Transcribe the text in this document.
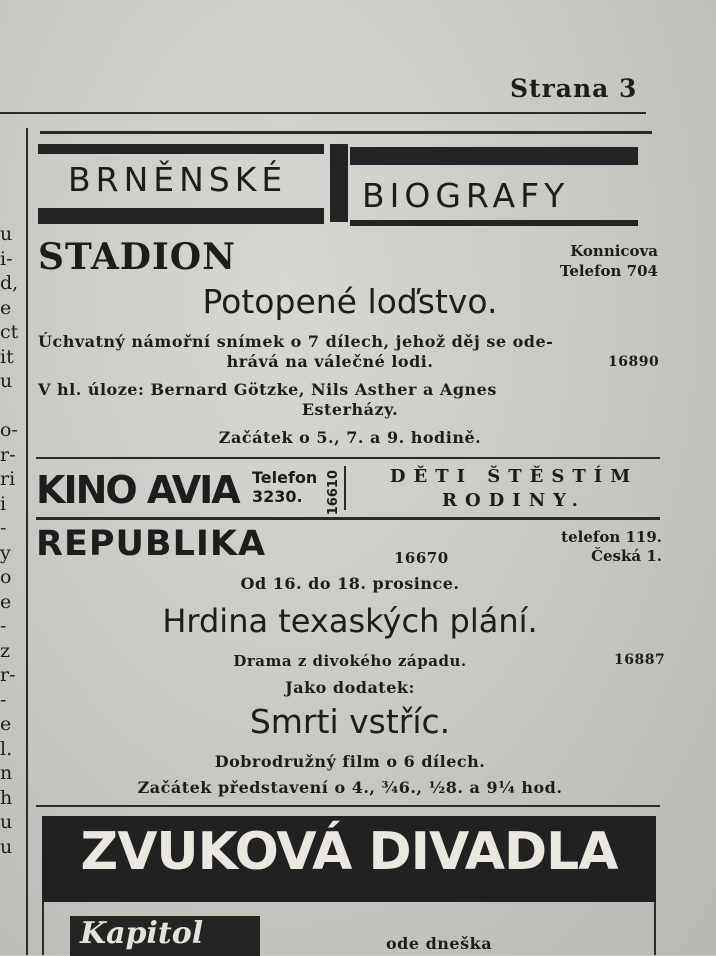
Strana 3
u
i-
d,
e
ct
it
u
o-
r-
ri
i
-
y
o
e
-
z
r-
-
e
l.
n
h
u
u
BRNĚNSKÉ BIOGRAFY
STADION	Konnicova
Telefon 704
Potopené loďstvo.
Úchvatný námořní snímek o 7 dílech, jehož děj se ode-
hrává na válečné lodi.	16890
V hl. úloze: Bernard Götzke, Nils Asther a Agnes
Esterházy.
Začátek o 5., 7. a 9. hodině.
KINO AVIA Telefon
3230.	16610	DĚTI ŠTĚSTÍM
RODINY.
REPUBLIKA	telefon 119.
Česká 1.
16670
Od 16. do 18. prosince.
Hrdina texaských plání.
Drama z divokého západu.	16887
Jako dodatek:
Smrti vstříc.
Dobrodružný film o 6 dílech.
Začátek představení o 4., ¾6., ½8. a 9¼ hod.
ZVUKOVÁ DIVADLA
Kapitol	ode dneška
